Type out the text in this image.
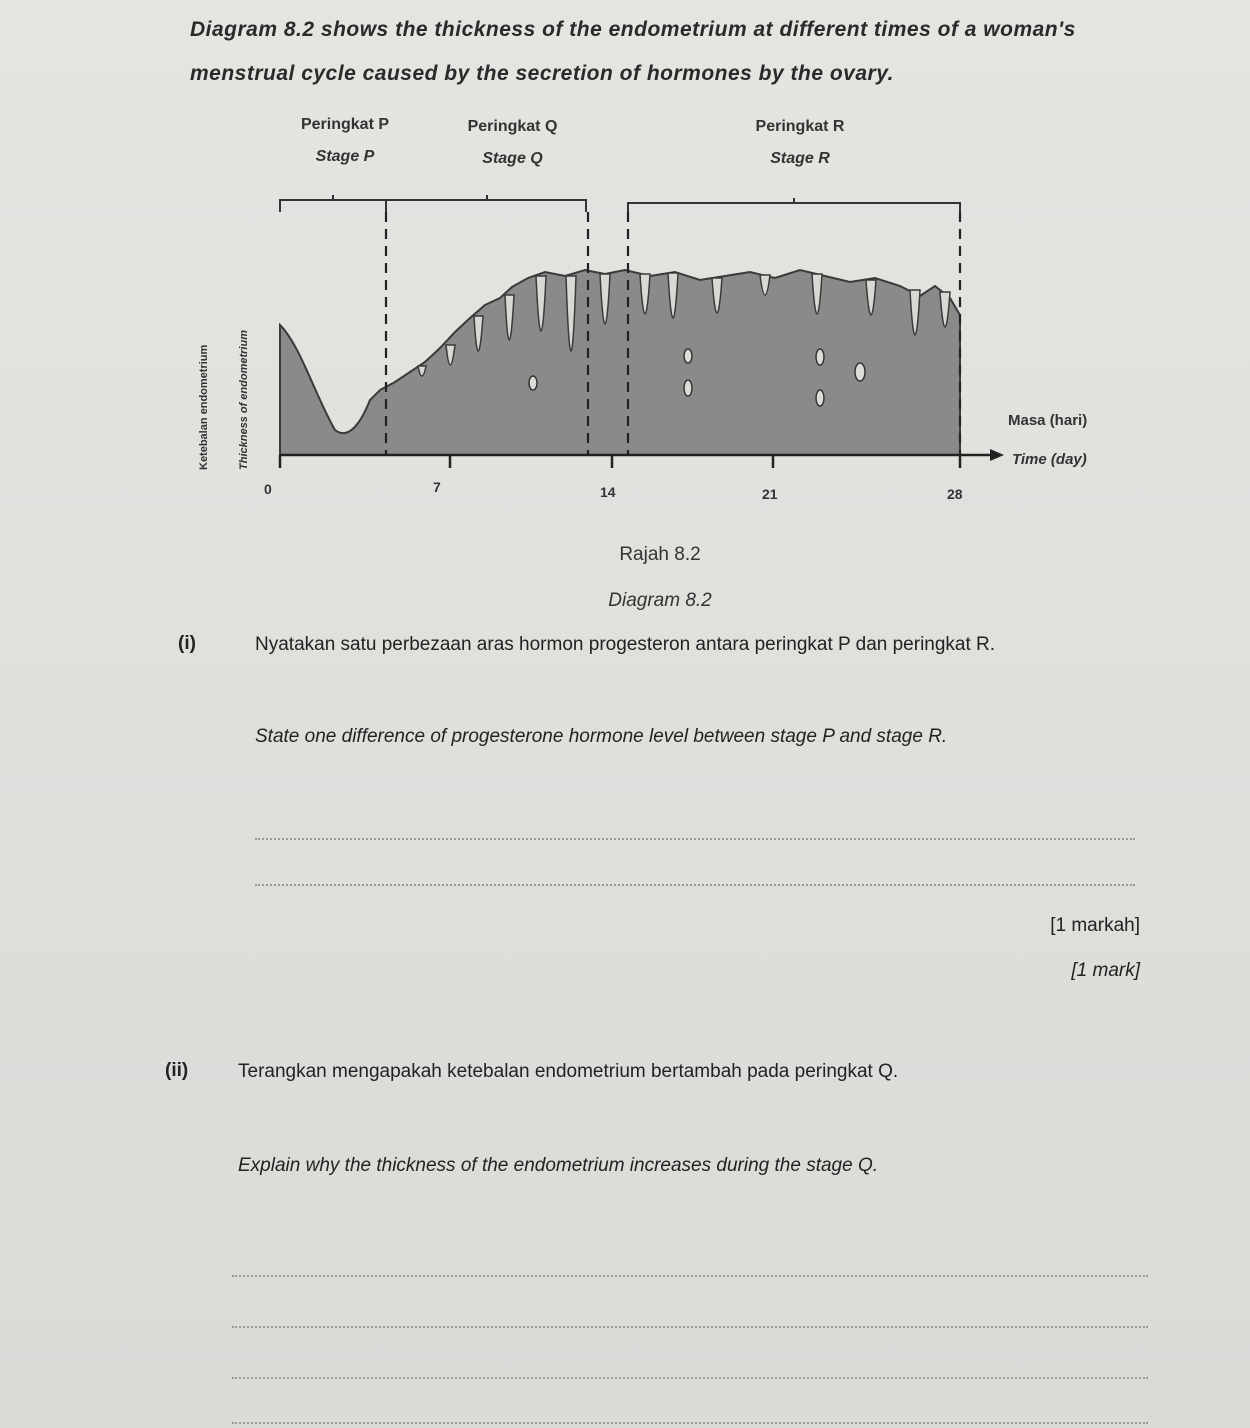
Diagram 8.2 shows the thickness of the endometrium at different times of a woman's menstrual cycle caused by the secretion of hormones by the ovary.
Peringkat P
Stage P
Peringkat Q
Stage Q
Peringkat R
Stage R
Ketebalan endometrium	Thickness of endometrium
0	7	14	21	28
Masa (hari)
Time (day)
Rajah 8.2
Diagram 8.2
(i)	Nyatakan satu perbezaan aras hormon progesteron antara peringkat P dan peringkat R.
State one difference of progesterone hormone level between stage P and stage R.
[1 markah]
[1 mark]
(ii)	Terangkan mengapakah ketebalan endometrium bertambah pada peringkat Q.
Explain why the thickness of the endometrium increases during the stage Q.
